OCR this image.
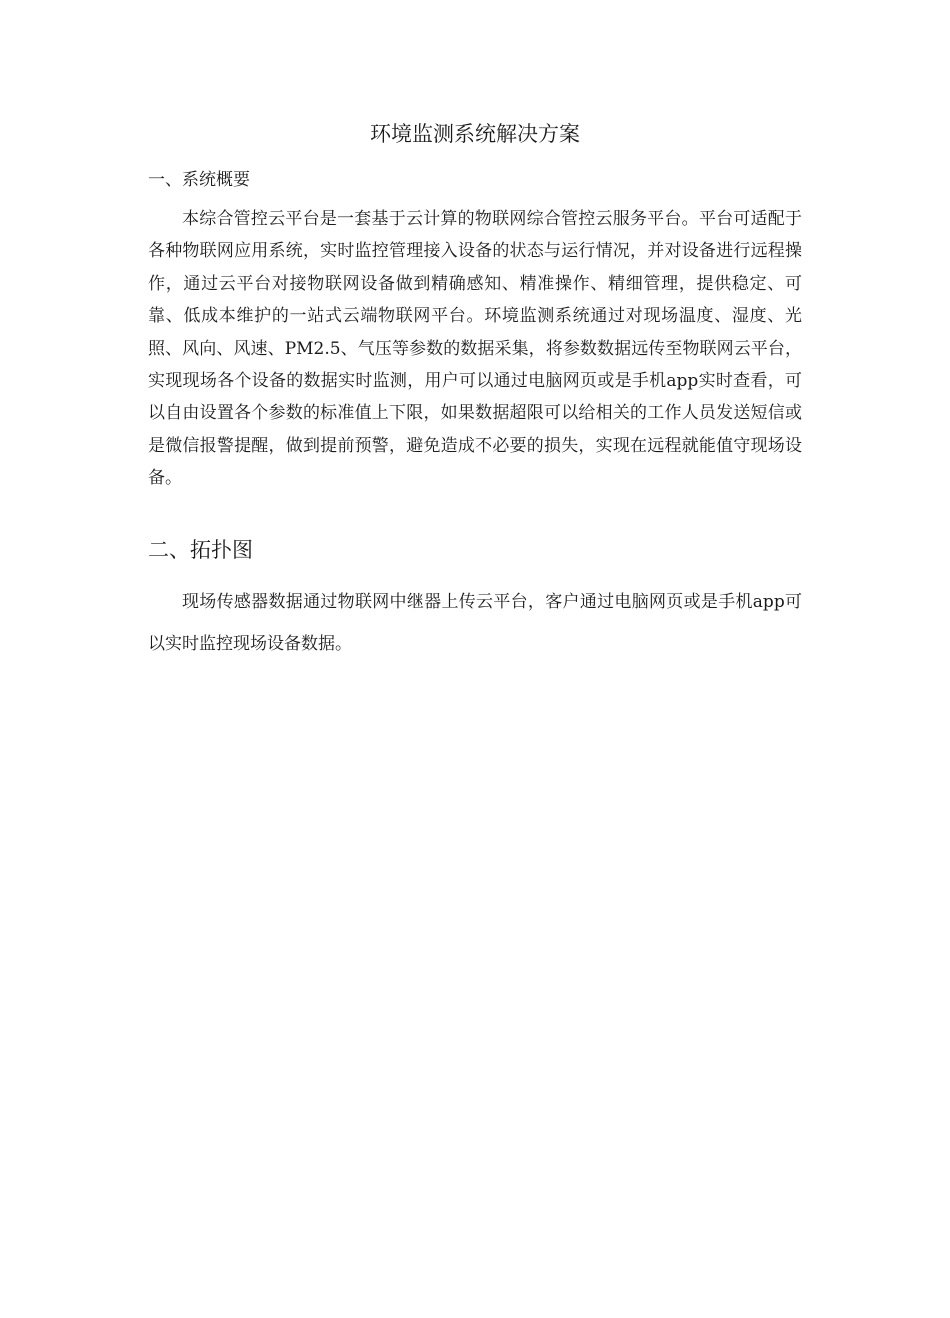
环境监测系统解决方案
一、系统概要

本综合管控云平台是一套基于云计算的物联网综合管控云服务平台。平台可适配于各种物联网应用系统，实时监控管理接入设备的状态与运行情况，并对设备进行远程操作，通过云平台对接物联网设备做到精确感知、精准操作、精细管理，提供稳定、可靠、低成本维护的一站式云端物联网平台。环境监测系统通过对现场温度、湿度、光照、风向、风速、PM2.5、气压等参数的数据采集，将参数数据远传至物联网云平台，实现现场各个设备的数据实时监测，用户可以通过电脑网页或是手机app实时查看，可以自由设置各个参数的标准值上下限，如果数据超限可以给相关的工作人员发送短信或是微信报警提醒，做到提前预警，避免造成不必要的损失，实现在远程就能值守现场设备。

二、拓扑图

现场传感器数据通过物联网中继器上传云平台，客户通过电脑网页或是手机app可以实时监控现场设备数据。
